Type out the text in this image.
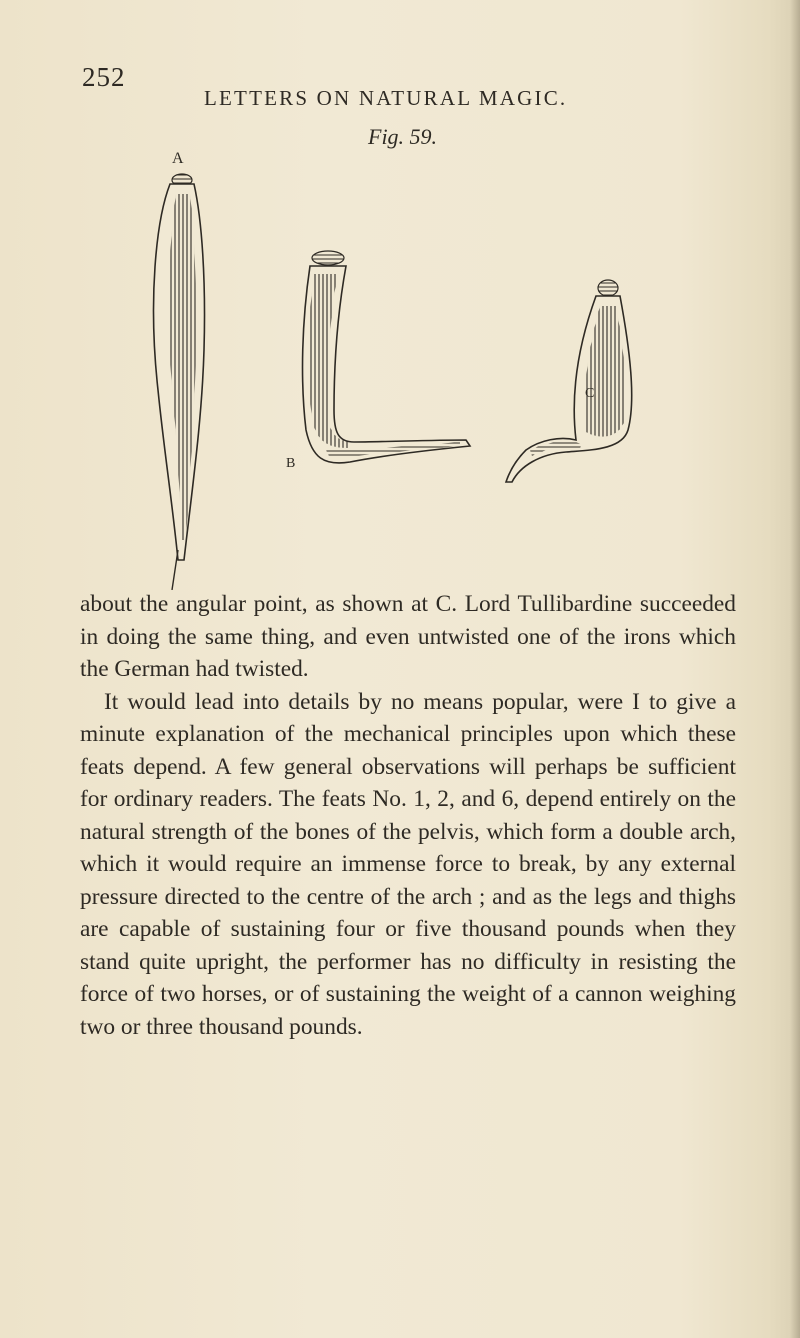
252
LETTERS ON NATURAL MAGIC.
Fig. 59.
A
B
C

about the angular point, as shown at C. Lord Tullibardine succeeded in doing the same thing, and even untwisted one of the irons which the German had twisted.

It would lead into details by no means popular, were I to give a minute explanation of the mechanical principles upon which these feats depend. A few general observations will perhaps be sufficient for ordinary readers. The feats No. 1, 2, and 6, depend entirely on the natural strength of the bones of the pelvis, which form a double arch, which it would require an immense force to break, by any external pressure directed to the centre of the arch ; and as the legs and thighs are capable of sustaining four or five thousand pounds when they stand quite upright, the performer has no difficulty in resisting the force of two horses, or of sustaining the weight of a cannon weighing two or three thousand pounds.
